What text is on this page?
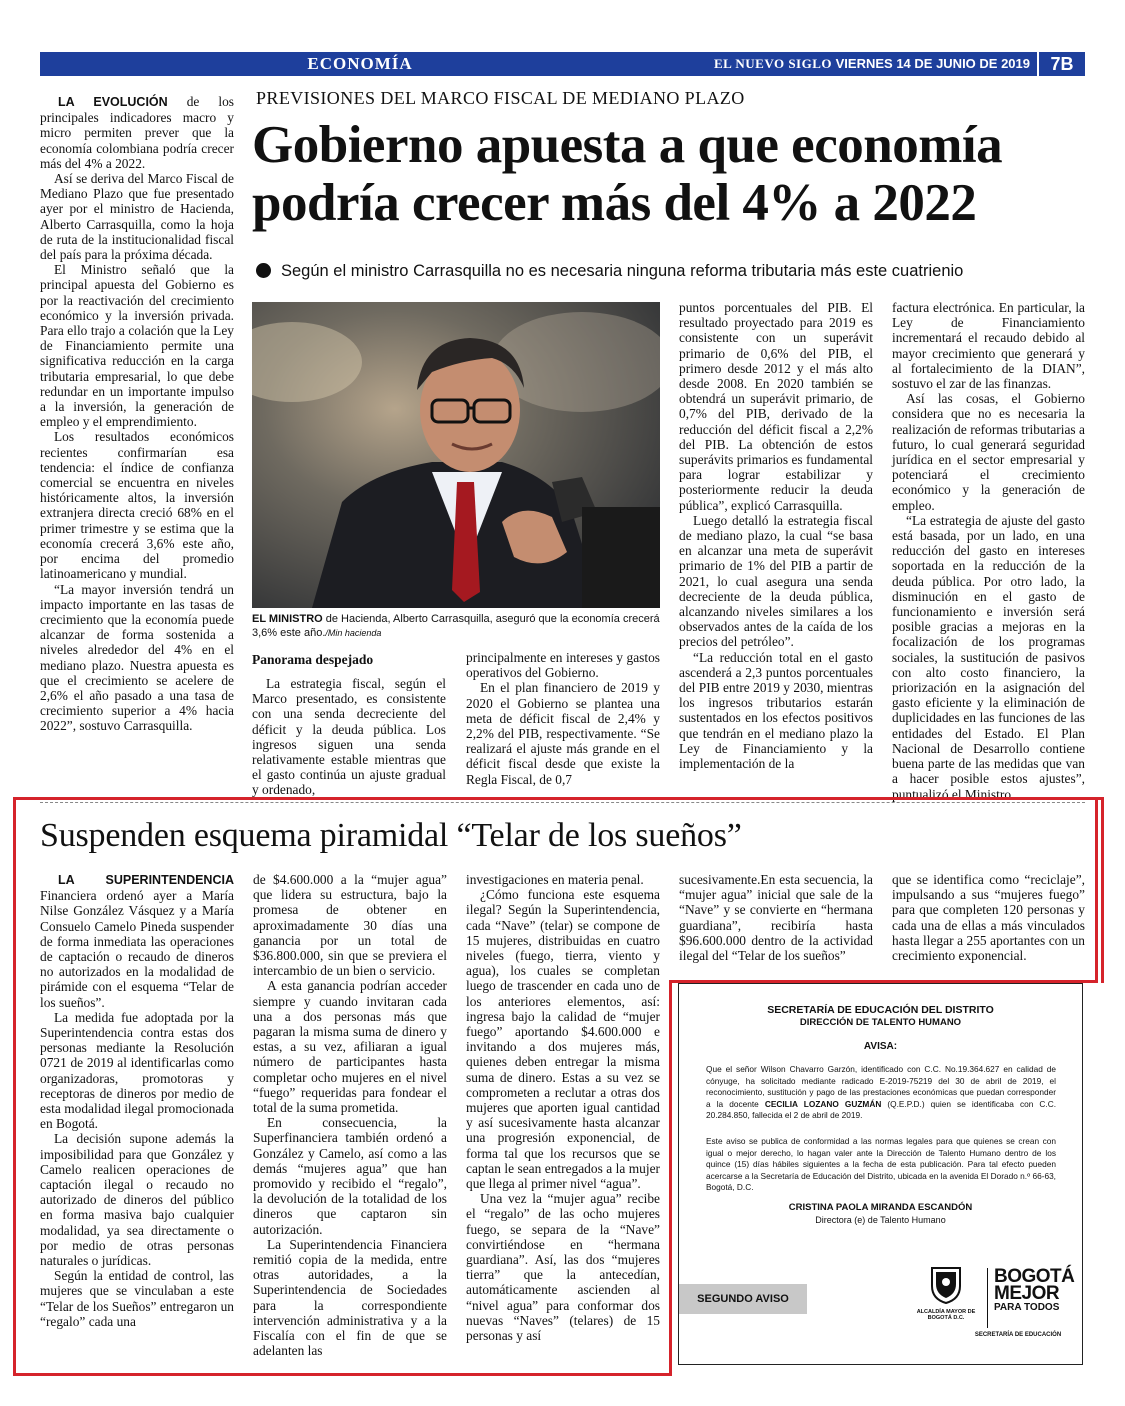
ECONOMÍA	EL NUEVO SIGLO VIERNES 14 DE JUNIO DE 2019	7B
PREVISIONES DEL MARCO FISCAL DE MEDIANO PLAZO
Gobierno apuesta a que economía
podría crecer más del 4% a 2022
Según el ministro Carrasquilla no es necesaria ninguna reforma tributaria más este cuatrienio

LA EVOLUCIÓN de los principales indicadores macro y micro permiten prever que la economía colombiana podría crecer más del 4% a 2022.

Así se deriva del Marco Fiscal de Mediano Plazo que fue presentado ayer por el ministro de Hacienda, Alberto Carrasquilla, como la hoja de ruta de la institucionalidad fiscal del país para la próxima década.

El Ministro señaló que la principal apuesta del Gobierno es por la reactivación del crecimiento económico y la inversión privada. Para ello trajo a colación que la Ley de Financiamiento permite una significativa reducción en la carga tributaria empresarial, lo que debe redundar en un importante impulso a la inversión, la generación de empleo y el emprendimiento.

Los resultados económicos recientes confirmarían esa tendencia: el índice de confianza comercial se encuentra en niveles históricamente altos, la inversión extranjera directa creció 68% en el primer trimestre y se estima que la economía crecerá 3,6% este año, por encima del promedio latinoamericano y mundial.

“La mayor inversión tendrá un impacto importante en las tasas de crecimiento que la economía puede alcanzar de forma sostenida a niveles alrededor del 4% en el mediano plazo. Nuestra apuesta es que el crecimiento se acelere de 2,6% el año pasado a una tasa de crecimiento superior a 4% hacia 2022”, sostuvo Carrasquilla.

EL MINISTRO de Hacienda, Alberto Carrasquilla, aseguró que la economía crecerá 3,6% este año./Min hacienda
Panorama despejado

La estrategia fiscal, según el Marco presentado, es consistente con una senda decreciente del déficit y la deuda pública. Los ingresos siguen una senda relativamente estable mientras que el gasto continúa un ajuste gradual y ordenado,

principalmente en intereses y gastos operativos del Gobierno.

En el plan financiero de 2019 y 2020 el Gobierno se plantea una meta de déficit fiscal de 2,4% y 2,2% del PIB, respectivamente. “Se realizará el ajuste más grande en el déficit fiscal desde que existe la Regla Fiscal, de 0,7

puntos porcentuales del PIB. El resultado proyectado para 2019 es consistente con un superávit primario de 0,6% del PIB, el primero desde 2012 y el más alto desde 2008. En 2020 también se obtendrá un superávit primario, de 0,7% del PIB, derivado de la reducción del déficit fiscal a 2,2% del PIB. La obtención de estos superávits primarios es fundamental para lograr estabilizar y posteriormente reducir la deuda pública”, explicó Carrasquilla.

Luego detalló la estrategia fiscal de mediano plazo, la cual “se basa en alcanzar una meta de superávit primario de 1% del PIB a partir de 2021, lo cual asegura una senda decreciente de la deuda pública, alcanzando niveles similares a los observados antes de la caída de los precios del petróleo”.

“La reducción total en el gasto ascenderá a 2,3 puntos porcentuales del PIB entre 2019 y 2030, mientras los ingresos tributarios estarán sustentados en los efectos positivos que tendrán en el mediano plazo la Ley de Financiamiento y la implementación de la

factura electrónica. En particular, la Ley de Financiamiento incrementará el recaudo debido al mayor crecimiento que generará y al fortalecimiento de la DIAN”, sostuvo el zar de las finanzas.

Así las cosas, el Gobierno considera que no es necesaria la realización de reformas tributarias a futuro, lo cual generará seguridad jurídica en el sector empresarial y potenciará el crecimiento económico y la generación de empleo.

“La estrategia de ajuste del gasto está basada, por un lado, en una reducción del gasto en intereses soportada en la reducción de la deuda pública. Por otro lado, la disminución en el gasto de funcionamiento e inversión será posible gracias a mejoras en la focalización de los programas sociales, la sustitución de pasivos con alto costo financiero, la priorización en la asignación del gasto eficiente y la eliminación de duplicidades en las funciones de las entidades del Estado. El Plan Nacional de Desarrollo contiene buena parte de las medidas que van a hacer posible estos ajustes”, puntualizó el Ministro.

Suspenden esquema piramidal “Telar de los sueños”

LA SUPERINTENDENCIA Financiera ordenó ayer a María Nilse González Vásquez y a María Consuelo Camelo Pineda suspender de forma inmediata las operaciones de captación o recaudo de dineros no autorizados en la modalidad de pirámide con el esquema “Telar de los sueños”.

La medida fue adoptada por la Superintendencia contra estas dos personas mediante la Resolución 0721 de 2019 al identificarlas como organizadoras, promotoras y receptoras de dineros por medio de esta modalidad ilegal promocionada en Bogotá.

La decisión supone además la imposibilidad para que González y Camelo realicen operaciones de captación ilegal o recaudo no autorizado de dineros del público en forma masiva bajo cualquier modalidad, ya sea directamente o por medio de otras personas naturales o jurídicas.

Según la entidad de control, las mujeres que se vinculaban a este “Telar de los Sueños” entregaron un “regalo” cada una

de $4.600.000 a la “mujer agua” que lidera su estructura, bajo la promesa de obtener en aproximadamente 30 días una ganancia por un total de $36.800.000, sin que se previera el intercambio de un bien o servicio.

A esta ganancia podrían acceder siempre y cuando invitaran cada una a dos personas más que pagaran la misma suma de dinero y estas, a su vez, afiliaran a igual número de participantes hasta completar ocho mujeres en el nivel “fuego” requeridas para fondear el total de la suma prometida.

En consecuencia, la Superfinanciera también ordenó a González y Camelo, así como a las demás “mujeres agua” que han promovido y recibido el “regalo”, la devolución de la totalidad de los dineros que captaron sin autorización.

La Superintendencia Financiera remitió copia de la medida, entre otras autoridades, a la Superintendencia de Sociedades para la correspondiente intervención administrativa y a la Fiscalía con el fin de que se adelanten las

investigaciones en materia penal.

¿Cómo funciona este esquema ilegal? Según la Superintendencia, cada “Nave” (telar) se compone de 15 mujeres, distribuidas en cuatro niveles (fuego, tierra, viento y agua), los cuales se completan luego de trascender en cada uno de los anteriores elementos, así: ingresa bajo la calidad de “mujer fuego” aportando $4.600.000 e invitando a dos mujeres más, quienes deben entregar la misma suma de dinero. Estas a su vez se comprometen a reclutar a otras dos mujeres que aporten igual cantidad y así sucesivamente hasta alcanzar una progresión exponencial, de forma tal que los recursos que se captan le sean entregados a la mujer que llega al primer nivel “agua”.

Una vez la “mujer agua” recibe el “regalo” de las ocho mujeres fuego, se separa de la “Nave” convirtiéndose en “hermana guardiana”. Así, las dos “mujeres tierra” que la antecedían, automáticamente ascienden al “nivel agua” para conformar dos nuevas “Naves” (telares) de 15 personas y así

sucesivamente.En esta secuencia, la “mujer agua” inicial que sale de la “Nave” y se convierte en “hermana guardiana”, recibiría hasta $96.600.000 dentro de la actividad ilegal del “Telar de los sueños”

que se identifica como “reciclaje”, impulsando a sus “mujeres fuego” para que completen 120 personas y cada una de ellas a más vinculados hasta llegar a 255 aportantes con un crecimiento exponencial.

SECRETARÍA DE EDUCACIÓN DEL DISTRITO
DIRECCIÓN DE TALENTO HUMANO
AVISA:
Que el señor Wilson Chavarro Garzón, identificado con C.C. No.19.364.627 en calidad de cónyuge, ha solicitado mediante radicado E-2019-75219 del 30 de abril de 2019, el reconocimiento, sustitución y pago de las prestaciones económicas que puedan corresponder a la docente CECILIA LOZANO GUZMÁN (Q.E.P.D.) quien se identificaba con C.C. 20.284.850, fallecida el 2 de abril de 2019.
Este aviso se publica de conformidad a las normas legales para que quienes se crean con igual o mejor derecho, lo hagan valer ante la Dirección de Talento Humano dentro de los quince (15) días hábiles siguientes a la fecha de esta publicación. Para tal efecto pueden acercarse a la Secretaría de Educación del Distrito, ubicada en la avenida El Dorado n.º 66-63, Bogotá, D.C.
CRISTINA PAOLA MIRANDA ESCANDÓN
Directora (e) de Talento Humano
SEGUNDO AVISO
ALCALDÍA MAYOR DE BOGOTÁ D.C.
BOGOTÁ
MEJOR
PARA TODOS
SECRETARÍA DE EDUCACIÓN
